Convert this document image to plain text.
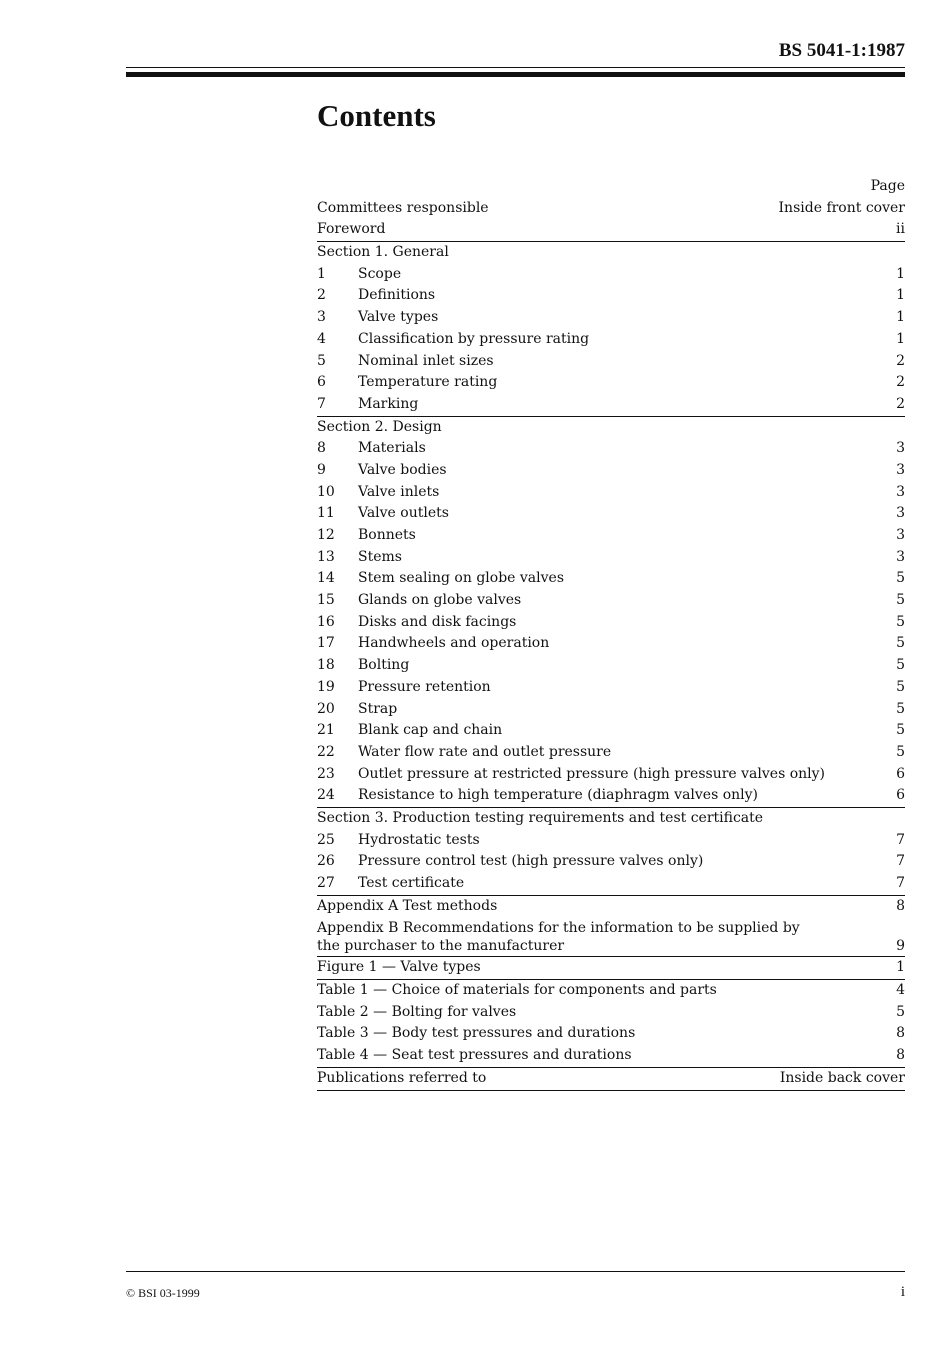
BS 5041-1:1987
Contents
Page
Committees responsible	Inside front cover
Foreword	ii
Section 1. General
1 Scope	1
2 Definitions	1
3 Valve types	1
4 Classification by pressure rating	1
5 Nominal inlet sizes	2
6 Temperature rating	2
7 Marking	2
Section 2. Design
8 Materials	3
9 Valve bodies	3
10 Valve inlets	3
11 Valve outlets	3
12 Bonnets	3
13 Stems	3
14 Stem sealing on globe valves	5
15 Glands on globe valves	5
16 Disks and disk facings	5
17 Handwheels and operation	5
18 Bolting	5
19 Pressure retention	5
20 Strap	5
21 Blank cap and chain	5
22 Water flow rate and outlet pressure	5
23 Outlet pressure at restricted pressure (high pressure valves only)	6
24 Resistance to high temperature (diaphragm valves only)	6
Section 3. Production testing requirements and test certificate
25 Hydrostatic tests	7
26 Pressure control test (high pressure valves only)	7
27 Test certificate	7
Appendix A Test methods	8
Appendix B Recommendations for the information to be supplied by
the purchaser to the manufacturer	9
Figure 1 — Valve types	1
Table 1 — Choice of materials for components and parts	4
Table 2 — Bolting for valves	5
Table 3 — Body test pressures and durations	8
Table 4 — Seat test pressures and durations	8
Publications referred to	Inside back cover
© BSI 03-1999	i
